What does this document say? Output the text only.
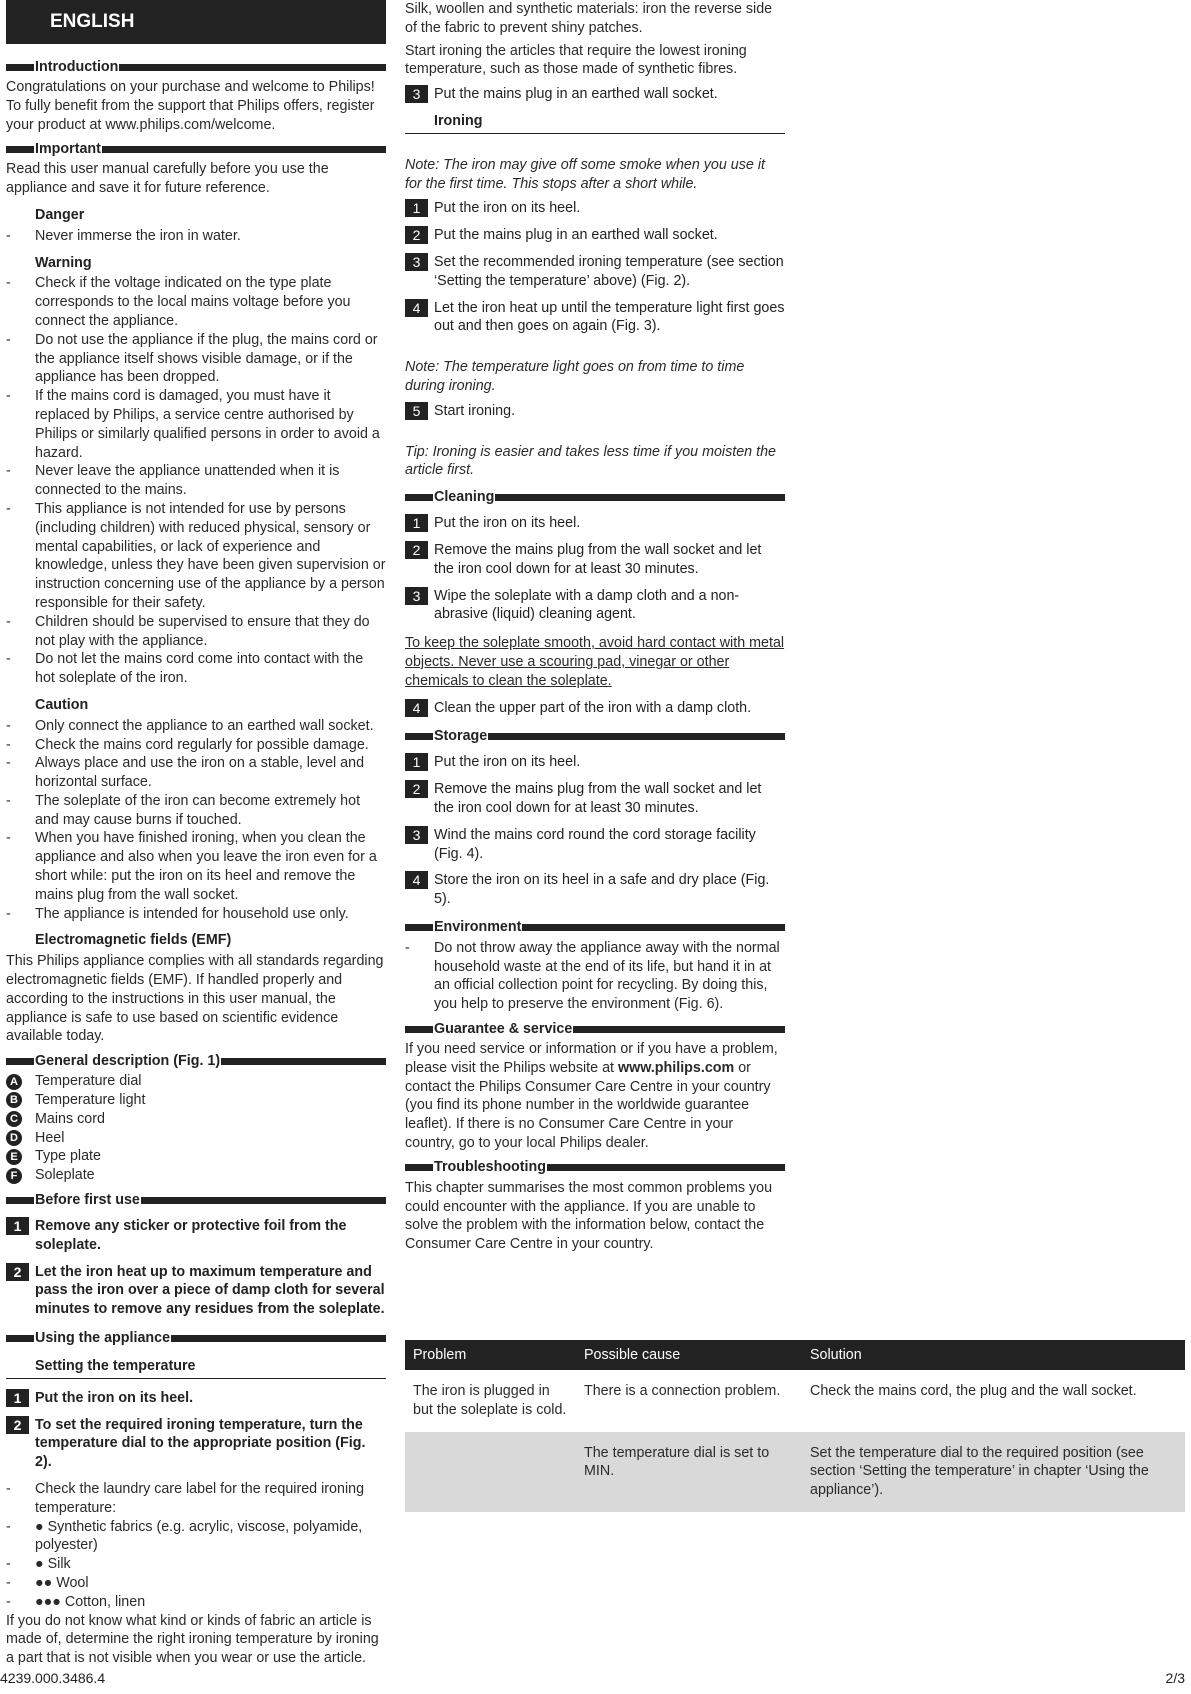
ENGLISH
Introduction

Congratulations on your purchase and welcome to Philips! To fully benefit from the support that Philips offers, register your product at www.philips.com/welcome.

Important

Read this user manual carefully before you use the appliance and save it for future reference.

Danger
- Never immerse the iron in water.
Warning
- Check if the voltage indicated on the type plate corresponds to the local mains voltage before you connect the appliance.
- Do not use the appliance if the plug, the mains cord or the appliance itself shows visible damage, or if the appliance has been dropped.
- If the mains cord is damaged, you must have it replaced by Philips, a service centre authorised by Philips or similarly qualified persons in order to avoid a hazard.
- Never leave the appliance unattended when it is connected to the mains.
- This appliance is not intended for use by persons (including children) with reduced physical, sensory or mental capabilities, or lack of experience and knowledge, unless they have been given supervision or instruction concerning use of the appliance by a person responsible for their safety.
- Children should be supervised to ensure that they do not play with the appliance.
- Do not let the mains cord come into contact with the hot soleplate of the iron.
Caution
- Only connect the appliance to an earthed wall socket.
- Check the mains cord regularly for possible damage.
- Always place and use the iron on a stable, level and horizontal surface.
- The soleplate of the iron can become extremely hot and may cause burns if touched.
- When you have finished ironing, when you clean the appliance and also when you leave the iron even for a short while: put the iron on its heel and remove the mains plug from the wall socket.
- The appliance is intended for household use only.
Electromagnetic fields (EMF)

This Philips appliance complies with all standards regarding electromagnetic fields (EMF). If handled properly and according to the instructions in this user manual, the appliance is safe to use based on scientific evidence available today.

General description (Fig. 1)
A Temperature dial
B Temperature light
C Mains cord
D Heel
E	Type plate
F	Soleplate
Before first use
1 Remove any sticker or protective foil from the soleplate.
2 Let the iron heat up to maximum temperature and pass the iron over a piece of damp cloth for several minutes to remove any residues from the soleplate.
Using the appliance
Setting the temperature
1 Put the iron on its heel.
2 To set the required ironing temperature, turn the temperature dial to the appropriate position (Fig. 2).
- Check the laundry care label for the required ironing temperature:
- ● Synthetic fabrics (e.g. acrylic, viscose, polyamide, polyester)
- ● Silk
- ●● Wool
- ●●● Cotton, linen

If you do not know what kind or kinds of fabric an article is made of, determine the right ironing temperature by ironing a part that is not visible when you wear or use the article.

Silk, woollen and synthetic materials: iron the reverse side of the fabric to prevent shiny patches.

Start ironing the articles that require the lowest ironing temperature, such as those made of synthetic fibres.

3 Put the mains plug in an earthed wall socket.
Ironing

Note: The iron may give off some smoke when you use it for the first time. This stops after a short while.

1 Put the iron on its heel.
2 Put the mains plug in an earthed wall socket.
3 Set the recommended ironing temperature (see section ‘Setting the temperature’ above) (Fig. 2).
4 Let the iron heat up until the temperature light first goes out and then goes on again (Fig. 3).

Note: The temperature light goes on from time to time during ironing.

5 Start ironing.

Tip: Ironing is easier and takes less time if you moisten the article first.

Cleaning
1 Put the iron on its heel.
2 Remove the mains plug from the wall socket and let the iron cool down for at least 30 minutes.
3 Wipe the soleplate with a damp cloth and a non-abrasive (liquid) cleaning agent.

To keep the soleplate smooth, avoid hard contact with metal objects. Never use a scouring pad, vinegar or other chemicals to clean the soleplate.

4 Clean the upper part of the iron with a damp cloth.
Storage
1 Put the iron on its heel.
2 Remove the mains plug from the wall socket and let the iron cool down for at least 30 minutes.
3 Wind the mains cord round the cord storage facility (Fig. 4).
4 Store the iron on its heel in a safe and dry place (Fig. 5).
Environment
- Do not throw away the appliance away with the normal household waste at the end of its life, but hand it in at an official collection point for recycling. By doing this, you help to preserve the environment (Fig. 6).
Guarantee & service

If you need service or information or if you have a problem, please visit the Philips website at www.philips.com or contact the Philips Consumer Care Centre in your country (you find its phone number in the worldwide guarantee leaflet). If there is no Consumer Care Centre in your country, go to your local Philips dealer.

Troubleshooting

This chapter summarises the most common problems you could encounter with the appliance. If you are unable to solve the problem with the information below, contact the Consumer Care Centre in your country.

Problem	Possible cause	Solution
The iron is plugged in but the soleplate is cold.	There is a connection problem.	Check the mains cord, the plug and the wall socket.
	The temperature dial is set to MIN.	Set the temperature dial to the required position (see section ‘Setting the temperature’ in chapter ‘Using the appliance’).
4239.000.3486.4	2/3
